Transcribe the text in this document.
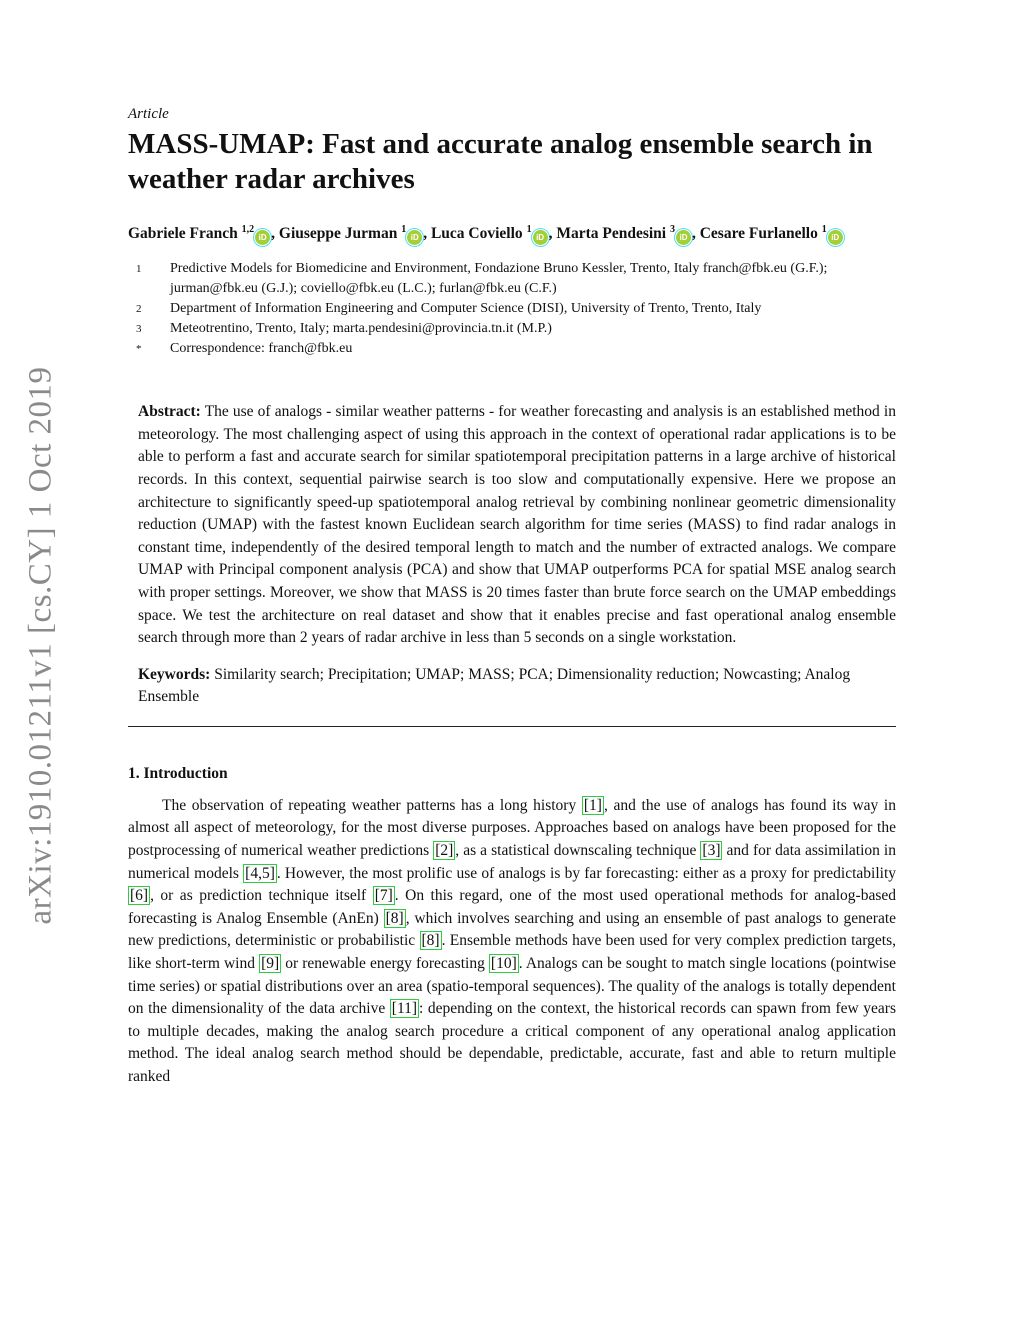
arXiv:1910.01211v1 [cs.CY] 1 Oct 2019
Article
MASS-UMAP: Fast and accurate analog ensemble search in weather radar archives
Gabriele Franch $^{1,2}$iD , Giuseppe Jurman $^1$iD , Luca Coviello $^1$iD , Marta Pendesini $^3$iD , Cesare Furlanello $^1$iD
1	Predictive Models for Biomedicine and Environment, Fondazione Bruno Kessler, Trento, Italy franch@fbk.eu (G.F.); jurman@fbk.eu (G.J.); coviello@fbk.eu (L.C.); furlan@fbk.eu (C.F.)
2	Department of Information Engineering and Computer Science (DISI), University of Trento, Trento, Italy
3	Meteotrentino, Trento, Italy; marta.pendesini@provincia.tn.it (M.P.)
*	Correspondence: franch@fbk.eu
Abstract: The use of analogs - similar weather patterns - for weather forecasting and analysis is an established method in meteorology. The most challenging aspect of using this approach in the context of operational radar applications is to be able to perform a fast and accurate search for similar spatiotemporal precipitation patterns in a large archive of historical records. In this context, sequential pairwise search is too slow and computationally expensive. Here we propose an architecture to significantly speed-up spatiotemporal analog retrieval by combining nonlinear geometric dimensionality reduction (UMAP) with the fastest known Euclidean search algorithm for time series (MASS) to find radar analogs in constant time, independently of the desired temporal length to match and the number of extracted analogs. We compare UMAP with Principal component analysis (PCA) and show that UMAP outperforms PCA for spatial MSE analog search with proper settings. Moreover, we show that MASS is 20 times faster than brute force search on the UMAP embeddings space. We test the architecture on real dataset and show that it enables precise and fast operational analog ensemble search through more than 2 years of radar archive in less than 5 seconds on a single workstation.
Keywords: Similarity search; Precipitation; UMAP; MASS; PCA; Dimensionality reduction; Nowcasting; Analog Ensemble
1. Introduction

The observation of repeating weather patterns has a long history [1] , and the use of analogs has found its way in almost all aspect of meteorology, for the most diverse purposes. Approaches based on analogs have been proposed for the postprocessing of numerical weather predictions [2] , as a statistical downscaling technique [3] and for data assimilation in numerical models [4,5] . However, the most prolific use of analogs is by far forecasting: either as a proxy for predictability [6] , or as prediction technique itself [7] . On this regard, one of the most used operational methods for analog-based forecasting is Analog Ensemble (AnEn) [8] , which involves searching and using an ensemble of past analogs to generate new predictions, deterministic or probabilistic [8] . Ensemble methods have been used for very complex prediction targets, like short-term wind [9] or renewable energy forecasting [10] . Analogs can be sought to match single locations (pointwise time series) or spatial distributions over an area (spatio-temporal sequences). The quality of the analogs is totally dependent on the dimensionality of the data archive [11] : depending on the context, the historical records can spawn from few years to multiple decades, making the analog search procedure a critical component of any operational analog application method. The ideal analog search method should be dependable, predictable, accurate, fast and able to return multiple ranked
